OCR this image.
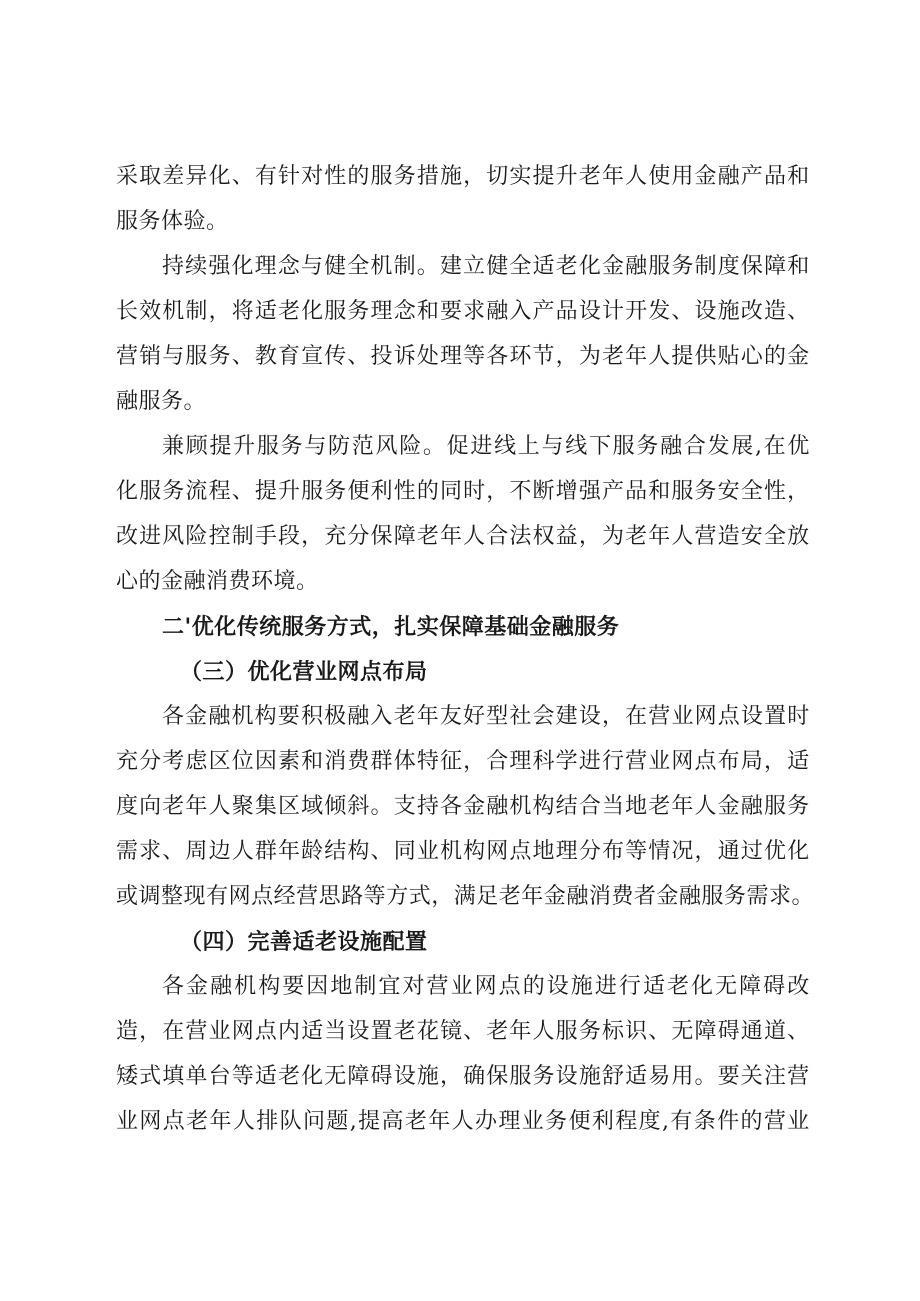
采 取 差 异 化 、 有 针 对 性 的 服 务 措 施 ， 切 实 提 升 老 年 人 使 用 金 融 产 品 和
服务体验。
持 续 强 化 理 念 与 健 全 机 制 。 建 立 健 全 适 老 化 金 融 服 务 制 度 保 障 和
长 效 机 制 ， 将 适 老 化 服 务 理 念 和 要 求 融 入 产 品 设 计 开 发 、 设 施 改 造 、
营 销 与 服 务 、 教 育 宣 传 、 投 诉 处 理 等 各 环 节 ， 为 老 年 人 提 供 贴 心 的 金
融服务。
兼 顾 提 升 服 务 与 防 范 风 险 。 促 进 线 上 与 线 下 服 务 融 合 发 展 , 在 优
化 服 务 流 程 、 提 升 服 务 便 利 性 的 同 时 ， 不 断 增 强 产 品 和 服 务 安 全 性 ，
改 进 风 险 控 制 手 段 ， 充 分 保 障 老 年 人 合 法 权 益 ， 为 老 年 人 营 造 安 全 放
心的金融消费环境。
二'优化传统服务方式，扎实保障基础金融服务
（三）优化营业网点布局
各 金 融 机 构 要 积 极 融 入 老 年 友 好 型 社 会 建 设 ， 在 营 业 网 点 设 置 时
充 分 考 虑 区 位 因 素 和 消 费 群 体 特 征 ， 合 理 科 学 进 行 营 业 网 点 布 局 ， 适
度 向 老 年 人 聚 集 区 域 倾 斜 。 支 持 各 金 融 机 构 结 合 当 地 老 年 人 金 融 服 务
需 求 、 周 边 人 群 年 龄 结 构 、 同 业 机 构 网 点 地 理 分 布 等 情 况 ， 通 过 优 化
或 调 整 现 有 网 点 经 营 思 路 等 方 式 ， 满 足 老 年 金 融 消 费 者 金 融 服 务 需 求 。
（四）完善适老设施配置
各 金 融 机 构 要 因 地 制 宜 对 营 业 网 点 的 设 施 进 行 适 老 化 无 障 碍 改
造 ， 在 营 业 网 点 内 适 当 设 置 老 花 镜 、 老 年 人 服 务 标 识 、 无 障 碍 通 道 、
矮 式 填 单 台 等 适 老 化 无 障 碍 设 施 ， 确 保 服 务 设 施 舒 适 易 用 。 要 关 注 营
业 网 点 老 年 人 排 队 问 题 , 提 高 老 年 人 办 理 业 务 便 利 程 度 , 有 条 件 的 营 业
